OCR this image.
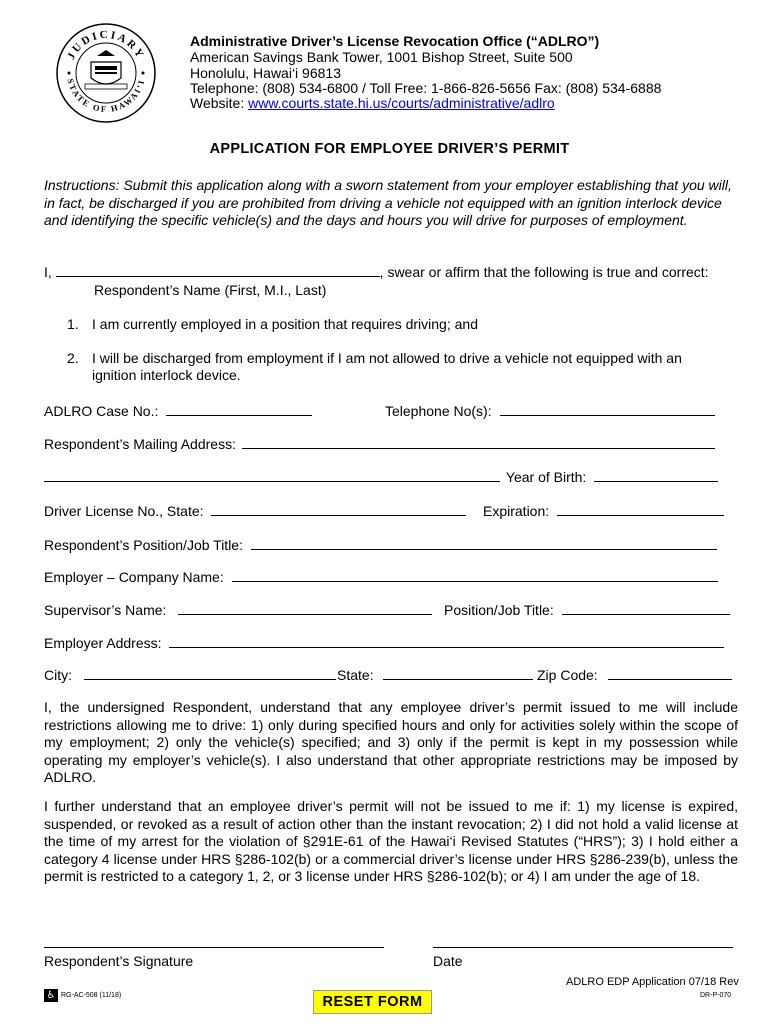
JUDICIARY
STATE OF HAWAI‘I
Administrative Driver’s License Revocation Office (“ADLRO”)
American Savings Bank Tower, 1001 Bishop Street, Suite 500
Honolulu, Hawai‘i 96813
Telephone: (808) 534-6800 / Toll Free: 1-866-826-5656 Fax: (808) 534-6888
Website: www.courts.state.hi.us/courts/administrative/adlro
APPLICATION FOR EMPLOYEE DRIVER’S PERMIT
Instructions: Submit this application along with a sworn statement from your employer establishing that you will, in fact, be discharged if you are prohibited from driving a vehicle not equipped with an ignition interlock device and identifying the specific vehicle(s) and the days and hours you will drive for purposes of employment.
I,	, swear or affirm that the following is true and correct:
Respondent’s Name (First, M.I., Last)
1. I am currently employed in a position that requires driving; and
2. I will be discharged from employment if I am not allowed to drive a vehicle not equipped with an
ignition interlock device.
ADLRO Case No.:	Telephone No(s):
Respondent’s Mailing Address:
Year of Birth:
Driver License No., State:	Expiration:
Respondent’s Position/Job Title:
Employer – Company Name:
Supervisor’s Name:	Position/Job Title:
Employer Address:
City:	State:	Zip Code:
I, the undersigned Respondent, understand that any employee driver’s permit issued to me will include restrictions allowing me to drive: 1) only during specified hours and only for activities solely within the scope of my employment; 2) only the vehicle(s) specified; and 3) only if the permit is kept in my possession while operating my employer’s vehicle(s). I also understand that other appropriate restrictions may be imposed by ADLRO.
I further understand that an employee driver’s permit will not be issued to me if: 1) my license is expired, suspended, or revoked as a result of action other than the instant revocation; 2) I did not hold a valid license at the time of my arrest for the violation of §291E-61 of the Hawai‘i Revised Statutes (“HRS”); 3) I hold either a category 4 license under HRS §286-102(b) or a commercial driver’s license under HRS §286-239(b), unless the permit is restricted to a category 1, 2, or 3 license under HRS §286-102(b); or 4) I am under the age of 18.
Respondent’s Signature	Date
ADLRO EDP Application 07/18 Rev
DR-P-070
♿ RG-AC-508 (11/18)	RESET FORM
